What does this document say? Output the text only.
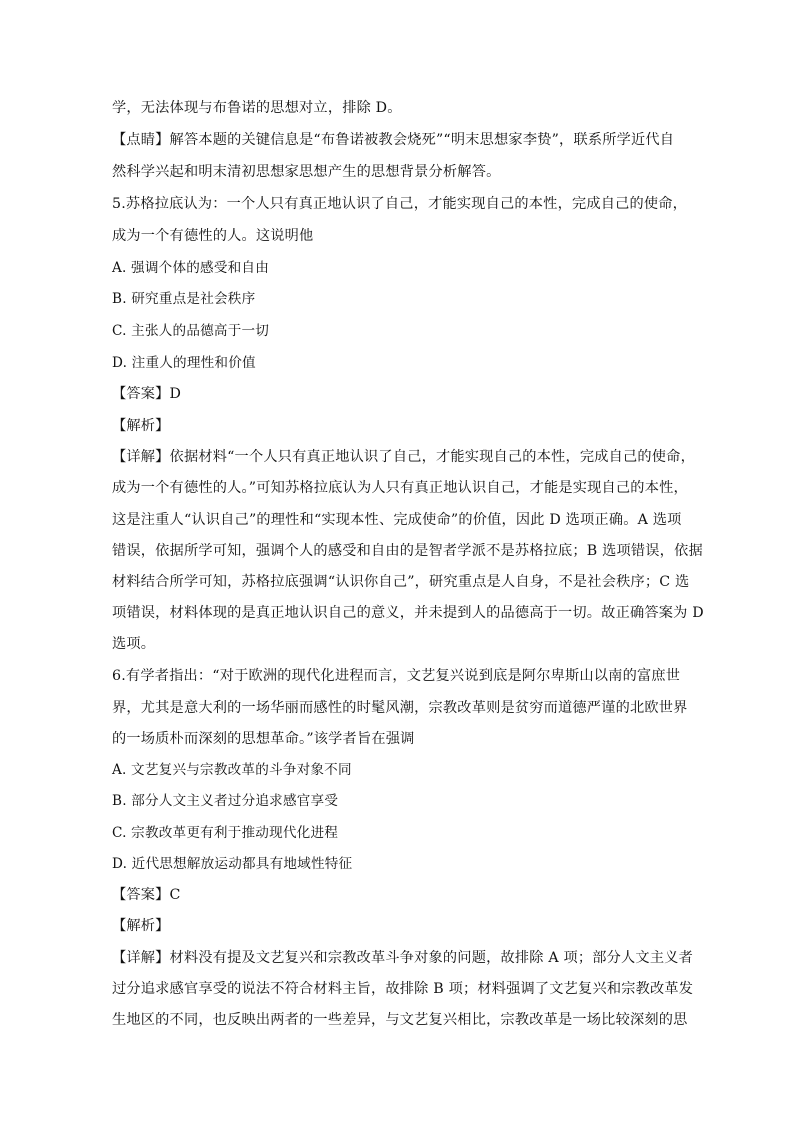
学，无法体现与布鲁诺的思想对立，排除 D。
【点睛】解答本题的关键信息是“布鲁诺被教会烧死”“明末思想家李贽”，联系所学近代自
然科学兴起和明末清初思想家思想产生的思想背景分析解答。
5.苏格拉底认为：一个人只有真正地认识了自己，才能实现自己的本性，完成自己的使命，
成为一个有德性的人。这说明他
A. 强调个体的感受和自由
B. 研究重点是社会秩序
C. 主张人的品德高于一切
D. 注重人的理性和价值
【答案】D
【解析】
【详解】依据材料“一个人只有真正地认识了自己，才能实现自己的本性，完成自己的使命，
成为一个有德性的人。”可知苏格拉底认为人只有真正地认识自己，才能是实现自己的本性，
这是注重人“认识自己”的理性和“实现本性、完成使命”的价值，因此 D 选项正确。A 选项
错误，依据所学可知，强调个人的感受和自由的是智者学派不是苏格拉底；B 选项错误，依据
材料结合所学可知，苏格拉底强调“认识你自己”，研究重点是人自身，不是社会秩序；C 选
项错误，材料体现的是真正地认识自己的意义，并未提到人的品德高于一切。故正确答案为 D
选项。
6.有学者指出：“对于欧洲的现代化进程而言，文艺复兴说到底是阿尔卑斯山以南的富庶世
界，尤其是意大利的一场华丽而感性的时髦风潮，宗教改革则是贫穷而道德严谨的北欧世界
的一场质朴而深刻的思想革命。”该学者旨在强调
A. 文艺复兴与宗教改革的斗争对象不同
B. 部分人文主义者过分追求感官享受
C. 宗教改革更有利于推动现代化进程
D. 近代思想解放运动都具有地域性特征
【答案】C
【解析】
【详解】材料没有提及文艺复兴和宗教改革斗争对象的问题，故排除 A 项；部分人文主义者
过分追求感官享受的说法不符合材料主旨，故排除 B 项；材料强调了文艺复兴和宗教改革发
生地区的不同，也反映出两者的一些差异，与文艺复兴相比，宗教改革是一场比较深刻的思
